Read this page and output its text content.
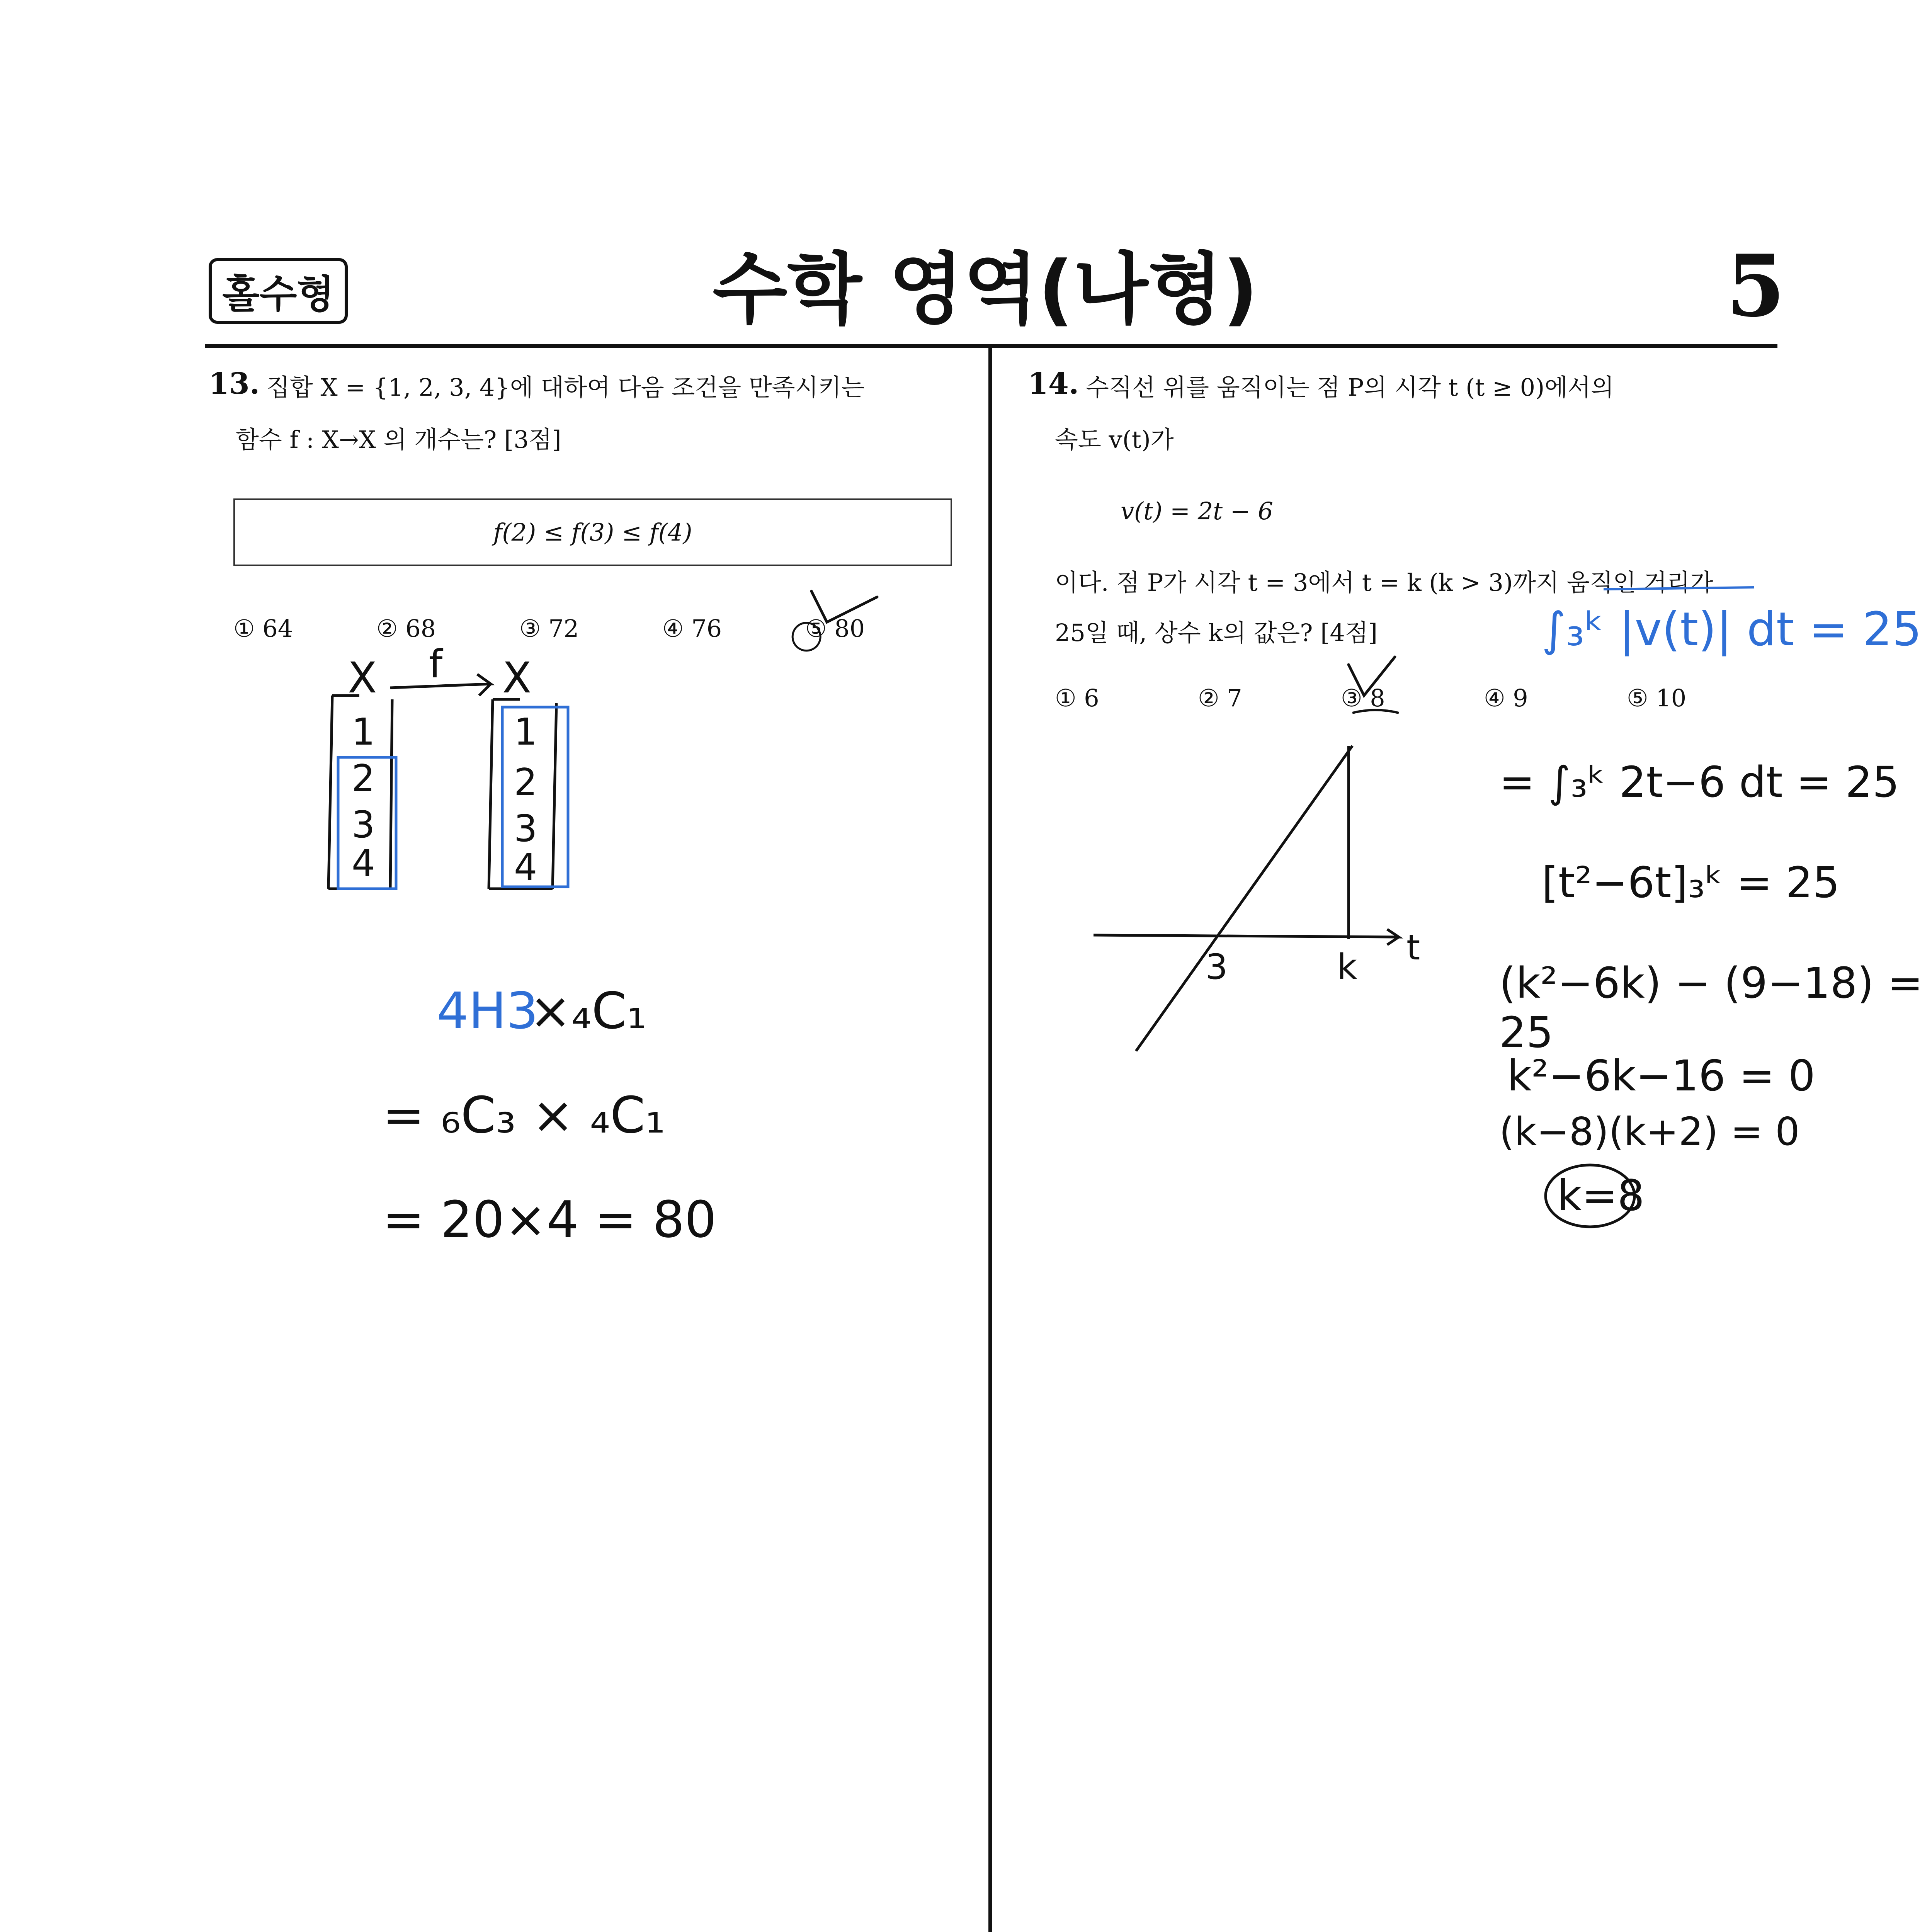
홀수형	수학 영역(나형)	5
13. 집합 X = {1, 2, 3, 4}에 대하여 다음 조건을 만족시키는
함수 f : X→X 의 개수는? [3점]
f(2) ≤ f(3) ≤ f(4)
① 64	② 68	③ 72	④ 76	⑤ 80
14. 수직선 위를 움직이는 점 P의 시각 t (t ≥ 0)에서의
속도 v(t)가
v(t) = 2t − 6
이다. 점 P가 시각 t = 3에서 t = k (k > 3)까지 움직인 거리가
25일 때, 상수 k의 값은? [4점]
① 6	② 7	③ 8	④ 9	⑤ 10
X f X
1
2
3
4
1
2
3
4
4H3
×₄C₁
= ₆C₃ × ₄C₁
= 20×4 = 80
∫₃ᵏ |v(t)| dt = 25
= ∫₃ᵏ 2t−6 dt = 25
[t²−6t]₃ᵏ = 25
(k²−6k) − (9−18) = 25
k²−6k−16 = 0
(k−8)(k+2) = 0
k=8
3	k t
